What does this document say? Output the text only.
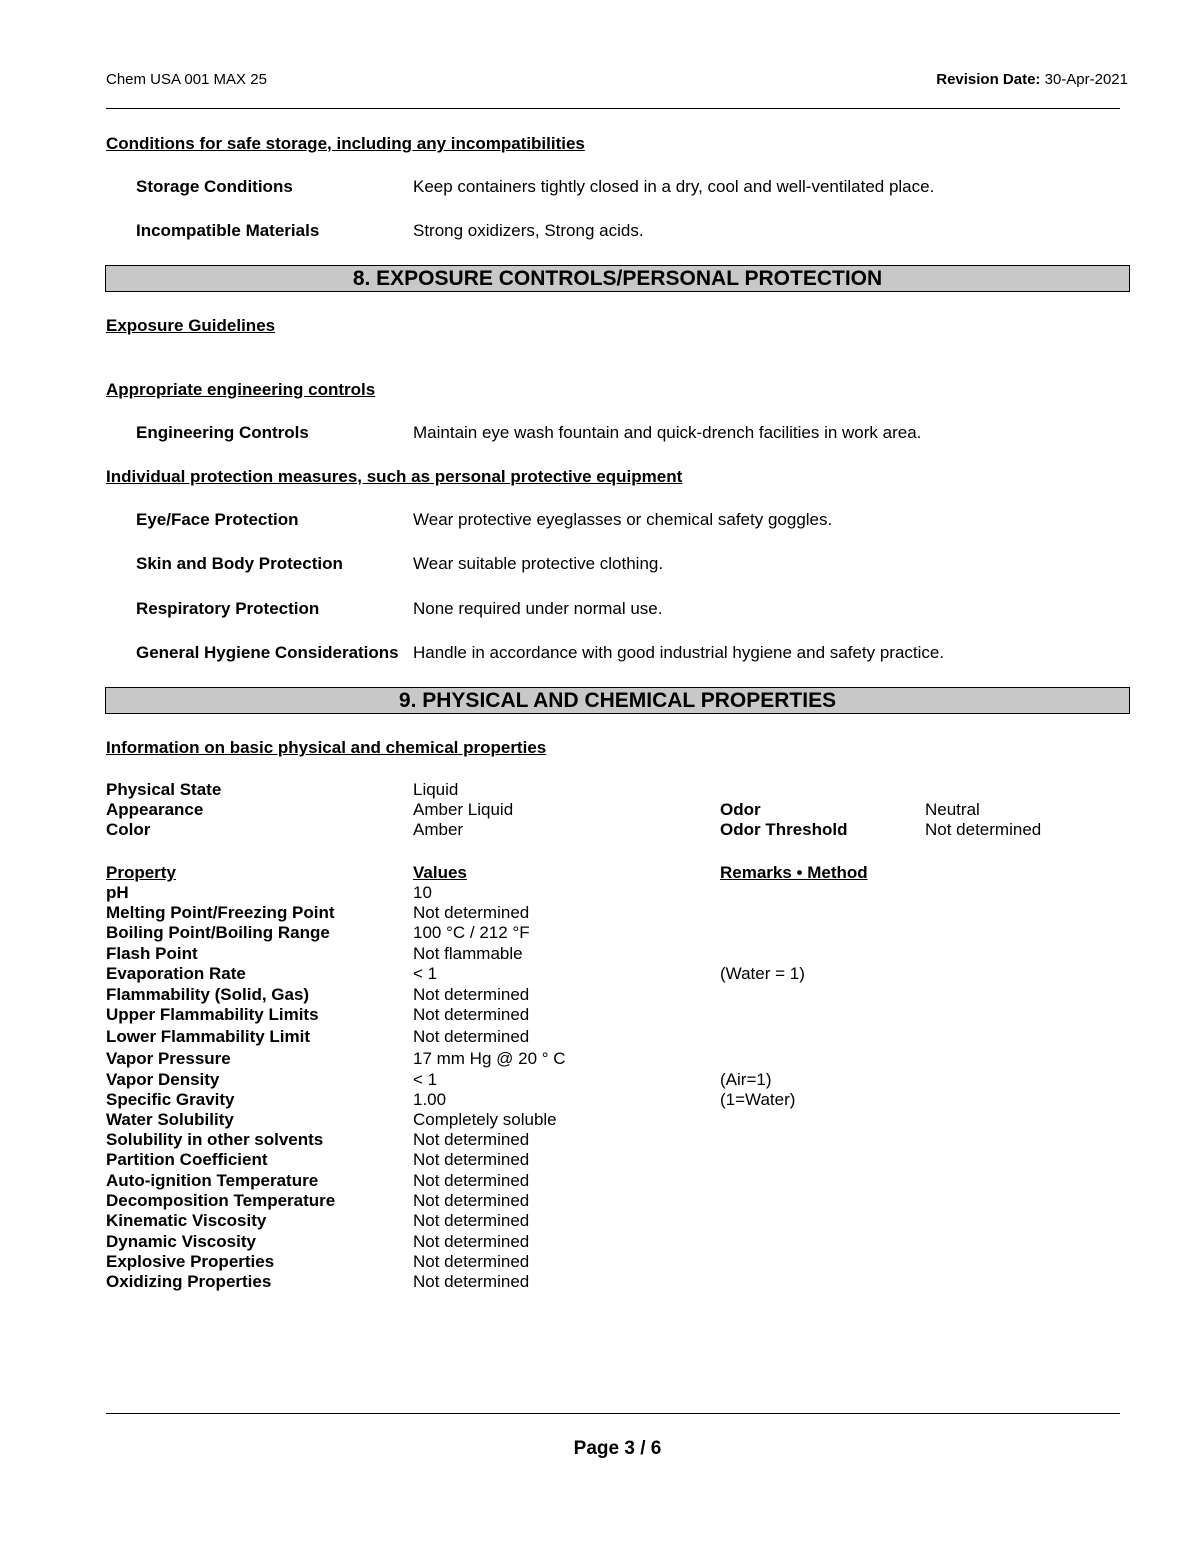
Chem USA 001 MAX 25	Revision Date: 30-Apr-2021
Conditions for safe storage, including any incompatibilities
Storage Conditions	Keep containers tightly closed in a dry, cool and well-ventilated place.
Incompatible Materials	Strong oxidizers, Strong acids.
8. EXPOSURE CONTROLS/PERSONAL PROTECTION
Exposure Guidelines
Appropriate engineering controls
Engineering Controls	Maintain eye wash fountain and quick-drench facilities in work area.
Individual protection measures, such as personal protective equipment
Eye/Face Protection	Wear protective eyeglasses or chemical safety goggles.
Skin and Body Protection	Wear suitable protective clothing.
Respiratory Protection	None required under normal use.
General Hygiene Considerations Handle in accordance with good industrial hygiene and safety practice.
9. PHYSICAL AND CHEMICAL PROPERTIES
Information on basic physical and chemical properties
Physical State	Liquid
Appearance	Amber Liquid	Odor	Neutral
Color	Amber	Odor Threshold	Not determined
Property	Values	Remarks • Method
pH	10
Melting Point/Freezing Point	Not determined
Boiling Point/Boiling Range	100 °C / 212 °F
Flash Point	Not flammable
Evaporation Rate	< 1	(Water = 1)
Flammability (Solid, Gas)	Not determined
Upper Flammability Limits	Not determined
Lower Flammability Limit	Not determined
Vapor Pressure	17 mm Hg @ 20 ° C
Vapor Density	< 1	(Air=1)
Specific Gravity	1.00	(1=Water)
Water Solubility	Completely soluble
Solubility in other solvents	Not determined
Partition Coefficient	Not determined
Auto-ignition Temperature	Not determined
Decomposition Temperature	Not determined
Kinematic Viscosity	Not determined
Dynamic Viscosity	Not determined
Explosive Properties	Not determined
Oxidizing Properties	Not determined
Page 3 / 6
